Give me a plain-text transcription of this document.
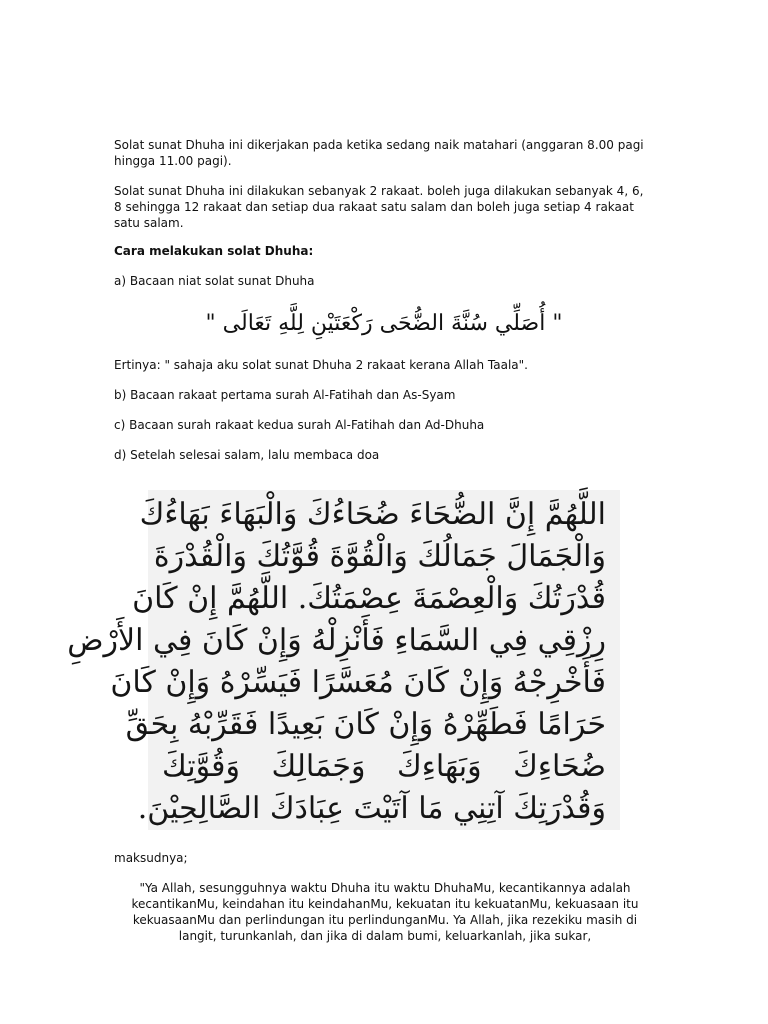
Solat sunat Dhuha ini dikerjakan pada ketika sedang naik matahari (anggaran 8.00 pagi hingga 11.00 pagi).

Solat sunat Dhuha ini dilakukan sebanyak 2 rakaat. boleh juga dilakukan sebanyak 4, 6, 8 sehingga 12 rakaat dan setiap dua rakaat satu salam dan boleh juga setiap 4 rakaat satu salam.

Cara melakukan solat Dhuha:

a) Bacaan niat solat sunat Dhuha

" أُصَلِّي سُنَّةَ الضُّحَى رَكْعَتَيْنِ لِلَّهِ تَعَالَى "

Ertinya: " sahaja aku solat sunat Dhuha 2 rakaat kerana Allah Taala".

b) Bacaan rakaat pertama surah Al-Fatihah dan As-Syam

c) Bacaan surah rakaat kedua surah Al-Fatihah dan Ad-Dhuha

d) Setelah selesai salam, lalu membaca doa

اللَّهُمَّ إِنَّ الضُّحَاءَ ضُحَاءُكَ وَالْبَهَاءَ بَهَاءُكَ
وَالْجَمَالَ جَمَالُكَ وَالْقُوَّةَ قُوَّتُكَ وَالْقُدْرَةَ
قُدْرَتُكَ وَالْعِصْمَةَ عِصْمَتُكَ. اللَّهُمَّ إِنْ كَانَ
رِزْقِي فِي السَّمَاءِ فَأَنْزِلْهُ وَإِنْ كَانَ فِي الأَرْضِ
فَأَخْرِجْهُ وَإِنْ كَانَ مُعَسَّرًا فَيَسِّرْهُ وَإِنْ كَانَ
حَرَامًا فَطَهِّرْهُ وَإِنْ كَانَ بَعِيدًا فَقَرِّبْهُ بِحَقِّ
ضُحَاءِكَ وَبَهَاءِكَ وَجَمَالِكَ وَقُوَّتِكَ
وَقُدْرَتِكَ آتِنِي مَا آتَيْتَ عِبَادَكَ الصَّالِحِيْنَ.

maksudnya;

"Ya Allah, sesungguhnya waktu Dhuha itu waktu DhuhaMu, kecantikannya adalah kecantikanMu, keindahan itu keindahanMu, kekuatan itu kekuatanMu, kekuasaan itu kekuasaanMu dan perlindungan itu perlindunganMu. Ya Allah, jika rezekiku masih di langit, turunkanlah, dan jika di dalam bumi, keluarkanlah, jika sukar,
